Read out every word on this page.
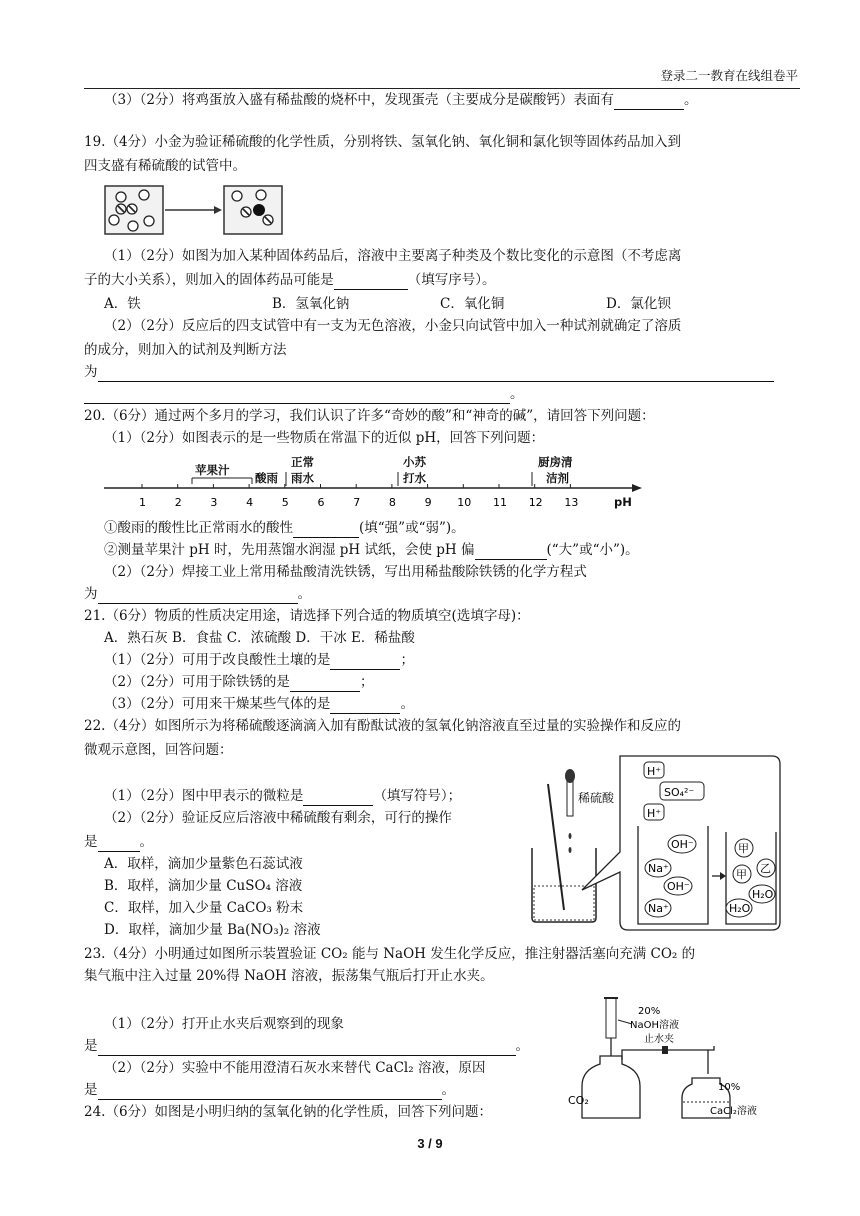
登录二一教育在线组卷平
（3）（2分）将鸡蛋放入盛有稀盐酸的烧杯中，发现蛋壳（主要成分是碳酸钙）表面有	。
19.（4分）小金为验证稀硫酸的化学性质，分别将铁、氢氧化钠、氧化铜和氯化钡等固体药品加入到
四支盛有稀硫酸的试管中。
（1）（2分）如图为加入某种固体药品后，溶液中主要离子种类及个数比变化的示意图（不考虑离
子的大小关系），则加入的固体药品可能是	（填写序号）。
A．铁	B．氢氧化钠	C．氧化铜	D．氯化钡
（2）（2分）反应后的四支试管中有一支为无色溶液，小金只向试管中加入一种试剂就确定了溶质
的成分，则加入的试剂及判断方法
为
。
20.（6分）通过两个多月的学习，我们认识了许多“奇妙的酸”和“神奇的碱”，请回答下列问题：
（1）（2分）如图表示的是一些物质在常温下的近似 pH，回答下列问题：
1	2	3	4	5	6	7	8	9 10 11 12 13
苹果汁
酸雨
正常
雨水
小苏
打水
厨房清
洁剂
pH
①酸雨的酸性比正常雨水的酸性	(填“强”或“弱”)。
②测量苹果汁 pH 时，先用蒸馏水润湿 pH 试纸，会使 pH 偏	(“大”或“小”)。
（2）（2分）焊接工业上常用稀盐酸清洗铁锈，写出用稀盐酸除铁锈的化学方程式
为	。
21.（6分）物质的性质决定用途，请选择下列合适的物质填空(选填字母)：
A．熟石灰 B．食盐 C．浓硫酸 D．干冰 E．稀盐酸
（1）（2分）可用于改良酸性土壤的是	；
（2）（2分）可用于除铁锈的是	；
（3）（2分）可用来干燥某些气体的是	。
22.（4分）如图所示为将稀硫酸逐滴滴入加有酚酞试液的氢氧化钠溶液直至过量的实验操作和反应的
微观示意图，回答问题：
（1）（2分）图中甲表示的微粒是	（填写符号）；
（2）（2分）验证反应后溶液中稀硫酸有剩余，可行的操作
是	。
A．取样，滴加少量紫色石蕊试液
B．取样，滴加少量 CuSO₄ 溶液
C．取样，加入少量 CaCO₃ 粉末
D．取样，滴加少量 Ba(NO₃)₂ 溶液
稀硫酸
H⁺
SO₄²⁻
H⁺
OH⁻
Na⁺
OH⁻
Na⁺
甲
乙
甲
H₂O
H₂O
23.（4分）小明通过如图所示装置验证 CO₂ 能与 NaOH 发生化学反应，推注射器活塞向充满 CO₂ 的
集气瓶中注入过量 20%得 NaOH 溶液，振荡集气瓶后打开止水夹。
（1）（2分）打开止水夹后观察到的现象
是	。
（2）（2分）实验中不能用澄清石灰水来替代 CaCl₂ 溶液，原因
是	。
20%
NaOH溶液
CO₂
止水夹
10%
CaCl₂溶液
24.（6分）如图是小明归纳的氢氧化钠的化学性质，回答下列问题：
3 / 9
